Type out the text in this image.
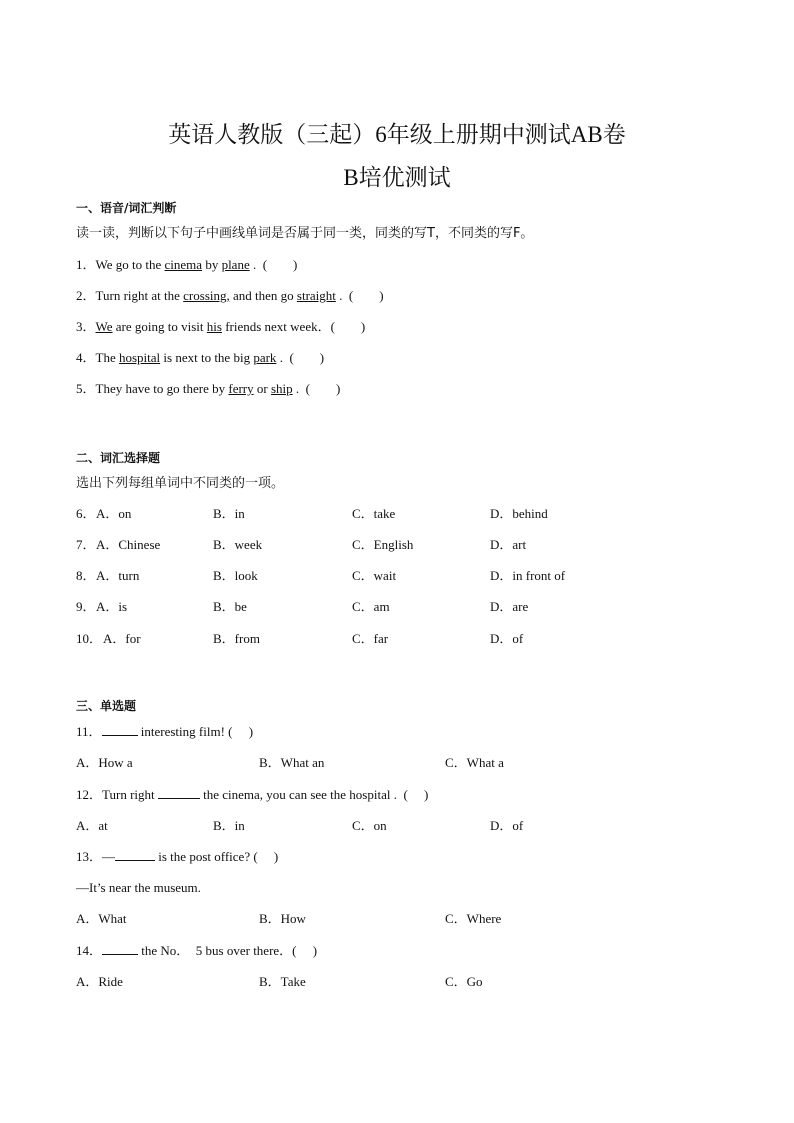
英语人教版（三起）6年级上册期中测试AB卷
B培优测试
一、语音/词汇判断
读一读，判断以下句子中画线单词是否属于同一类，同类的写T，不同类的写F。
1．We go to the cinema by plane .  (        )
2．Turn right at the crossing, and then go straight .  (        )
3．We are going to visit his friends next week．(        )
4．The hospital is next to the big park .  (        )
5．They have to go there by ferry or ship .  (        )
二、词汇选择题
选出下列每组单词中不同类的一项。
6． A．on	B．in	C．take	D．behind
7． A．Chinese	B．week	C．English	D．art
8． A．turn	B．look	C．wait	D．in front of
9． A．is	B．be	C．am	D．are
10． A．for	B．from	C．far	D．of
三、单选题
11．	interesting film! (     )
A．How a	B．What an	C．What a
12．Turn right	the cinema, you can see the hospital .  (     )
A．at	B．in	C．on	D．of
13．—	is the post office? (     )
—It’s near the museum.
A．What	B．How	C．Where
14．	the No．  5 bus over there．(     )
A．Ride	B．Take	C．Go
